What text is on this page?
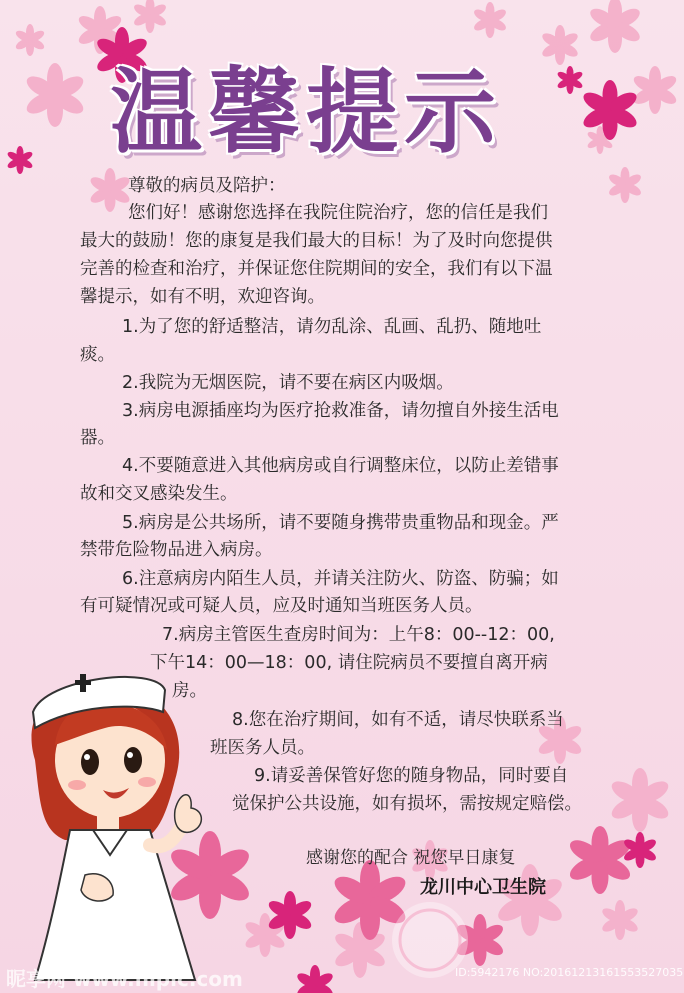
温馨提示
尊敬的病员及陪护：
您们好！感谢您选择在我院住院治疗，您的信任是我们
最大的鼓励！您的康复是我们最大的目标！为了及时向您提供
完善的检查和治疗，并保证您住院期间的安全，我们有以下温
馨提示，如有不明，欢迎咨询。
1.为了您的舒适整洁，请勿乱涂、乱画、乱扔、随地吐
痰。
2.我院为无烟医院，请不要在病区内吸烟。
3.病房电源插座均为医疗抢救准备，请勿擅自外接生活电
器。
4.不要随意进入其他病房或自行调整床位，以防止差错事
故和交叉感染发生。
5.病房是公共场所，请不要随身携带贵重物品和现金。严
禁带危险物品进入病房。
6.注意病房内陌生人员，并请关注防火、防盗、防骗；如
有可疑情况或可疑人员，应及时通知当班医务人员。
7.病房主管医生查房时间为：上午8：00--12：00,
下午14：00—18：00, 请住院病员不要擅自离开病
房。
8.您在治疗期间，如有不适，请尽快联系当
班医务人员。
9.请妥善保管好您的随身物品，同时要自
觉保护公共设施，如有损坏，需按规定赔偿。
感谢您的配合 祝您早日康复
龙川中心卫生院
昵享网 www.nipic.com	ID:5942176 NO:20161213161553527035
